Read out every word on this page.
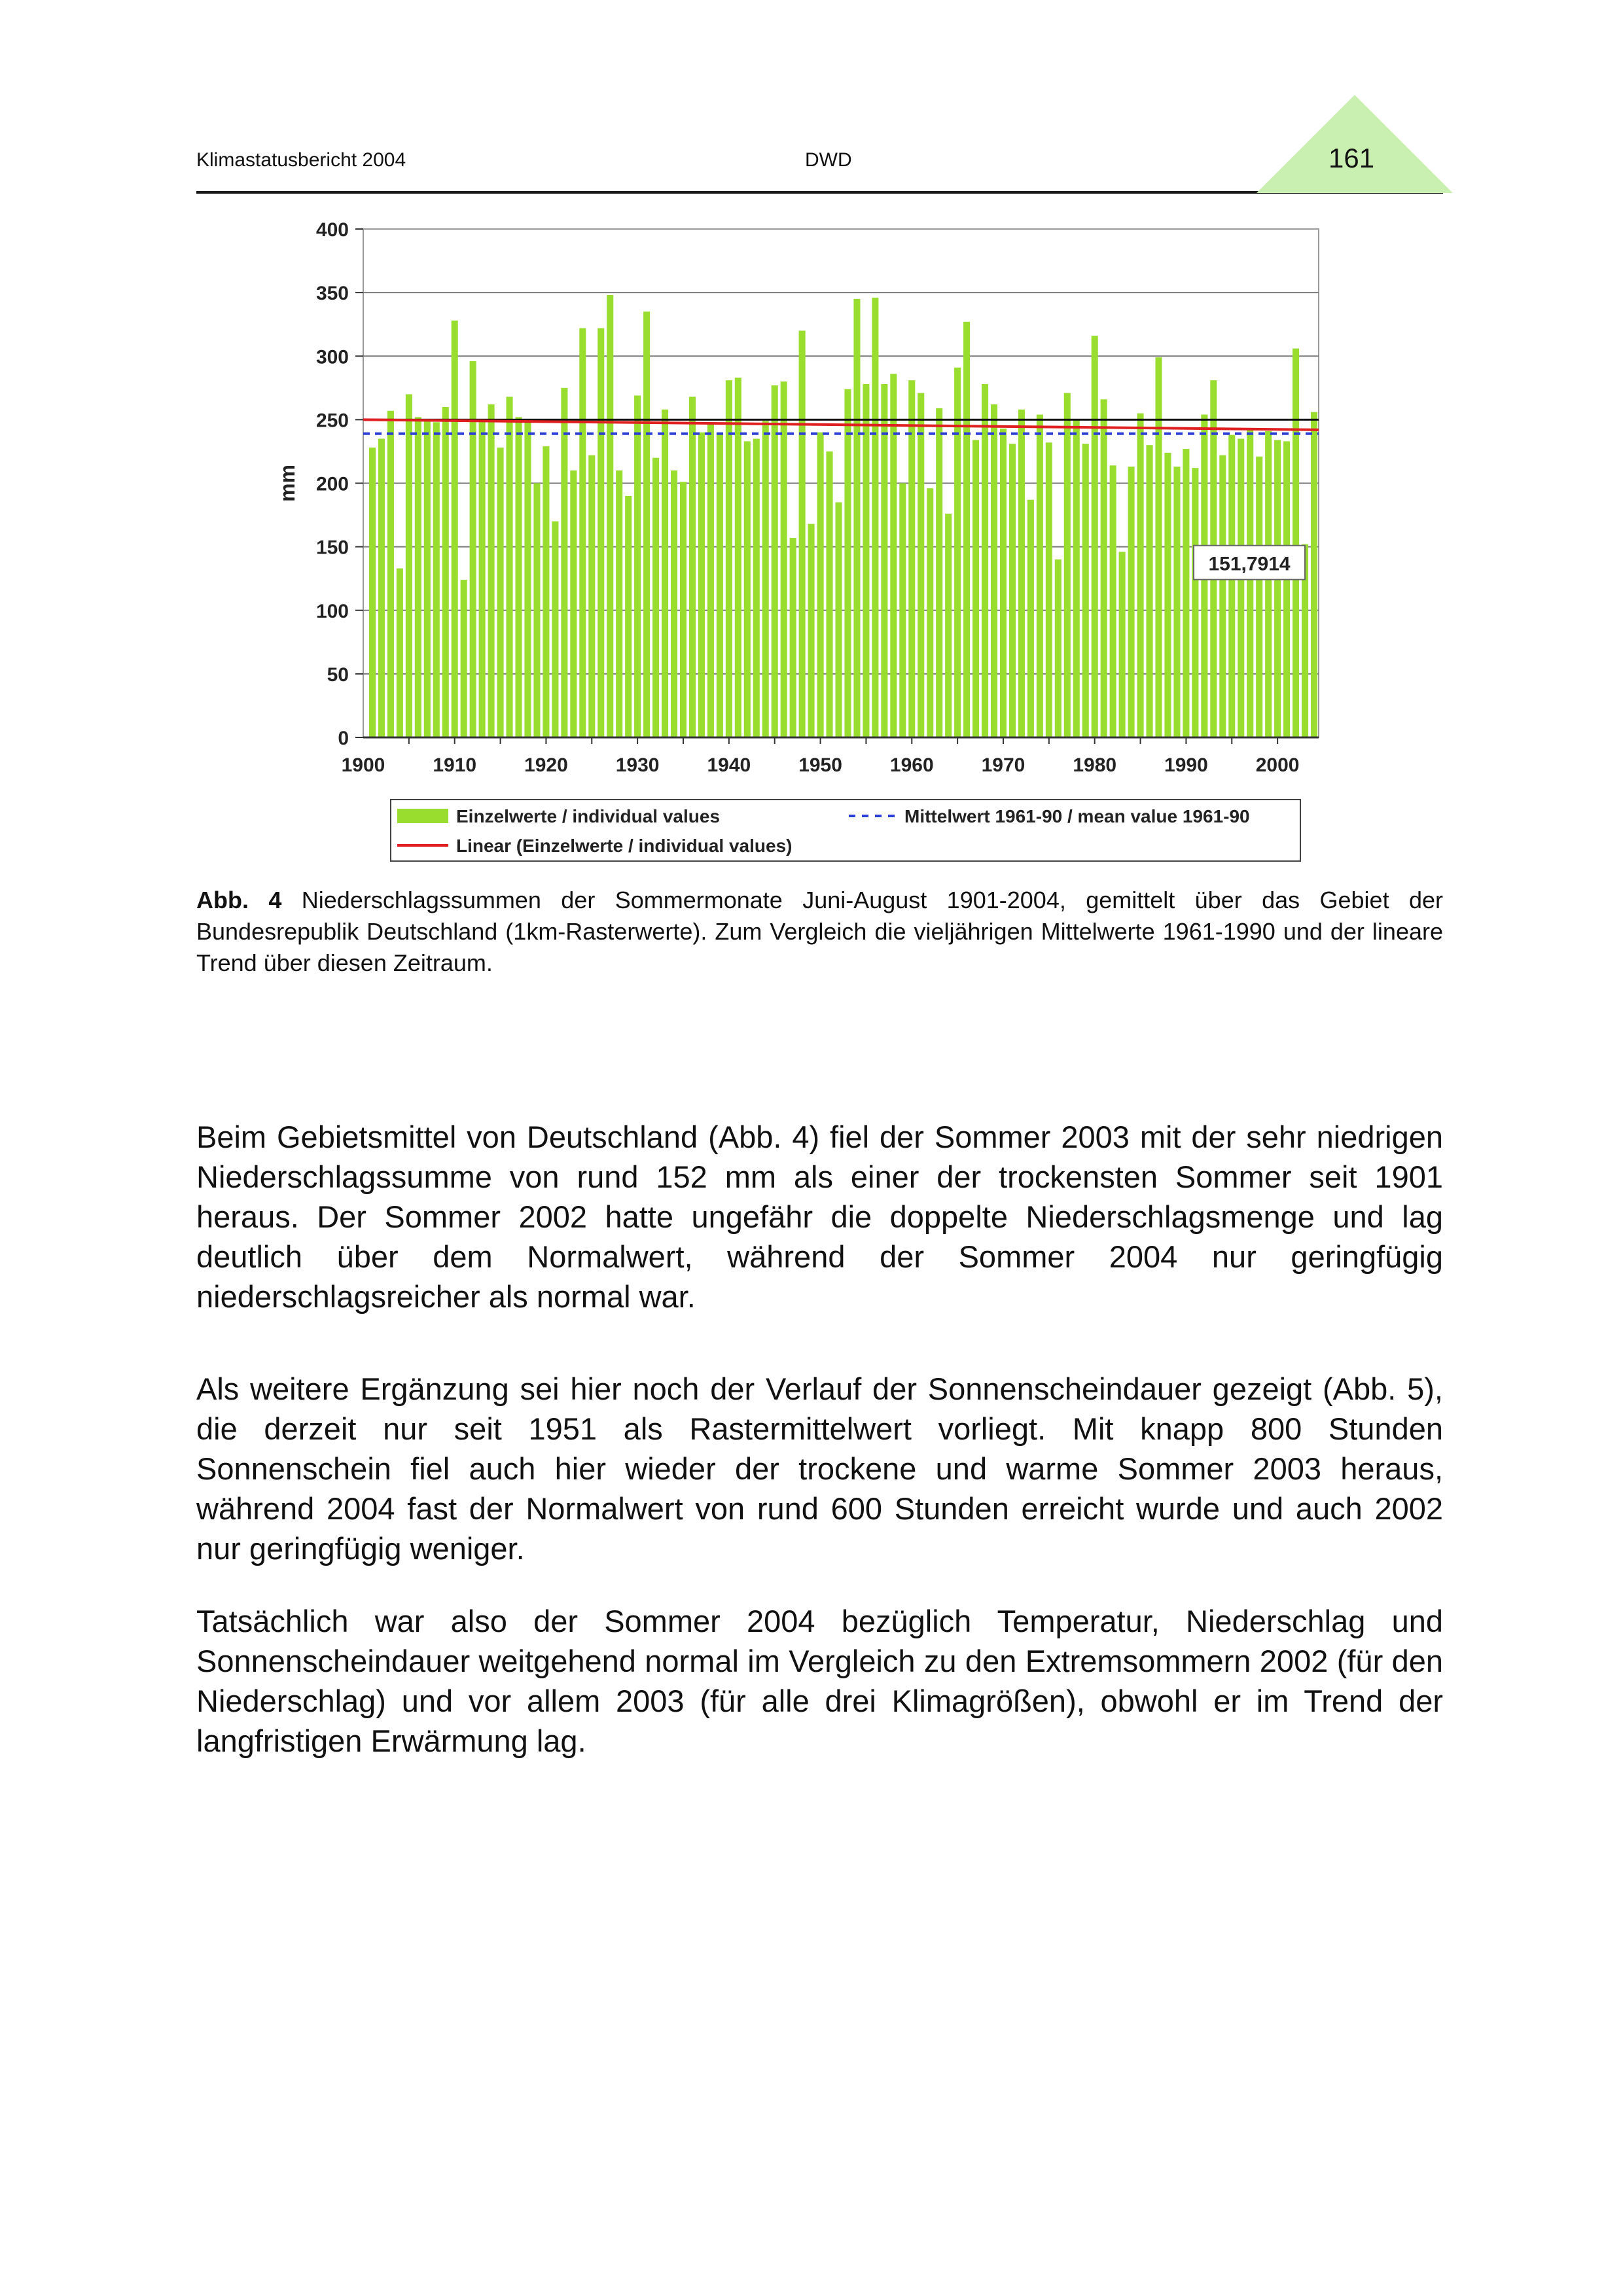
Klimastatusbericht 2004	DWD	161
0
50
100
150
200
250
300
350
400
1900 1910 1920 1930 1940 1950 1960 1970 1980 1990 2000
mm
151,7914
Einzelwerte / individual values	Mittelwert 1961-90 / mean value 1961-90
Linear (Einzelwerte / individual values)
Abb. 4 Niederschlagssummen der Sommermonate Juni-August 1901-2004, gemittelt über das Gebiet der Bundesrepublik Deutschland (1km-Rasterwerte). Zum Vergleich die vieljährigen Mittelwerte 1961-1990 und der lineare Trend über diesen Zeitraum.

Beim Gebietsmittel von Deutschland (Abb. 4) fiel der Sommer 2003 mit der sehr niedrigen Niederschlagssumme von rund 152 mm als einer der trockensten Sommer seit 1901 heraus. Der Sommer 2002 hatte ungefähr die doppelte Niederschlagsmenge und lag deutlich über dem Normalwert, während der Sommer 2004 nur geringfügig niederschlagsreicher als normal war.

Als weitere Ergänzung sei hier noch der Verlauf der Sonnenscheindauer gezeigt (Abb. 5), die derzeit nur seit 1951 als Rastermittelwert vorliegt. Mit knapp 800 Stunden Sonnenschein fiel auch hier wieder der trockene und warme Sommer 2003 heraus, während 2004 fast der Normalwert von rund 600 Stunden erreicht wurde und auch 2002 nur geringfügig weniger.

Tatsächlich war also der Sommer 2004 bezüglich Temperatur, Niederschlag und Sonnenscheindauer weitgehend normal im Vergleich zu den Extremsommern 2002 (für den Niederschlag) und vor allem 2003 (für alle drei Klimagrößen), obwohl er im Trend der langfristigen Erwärmung lag.
